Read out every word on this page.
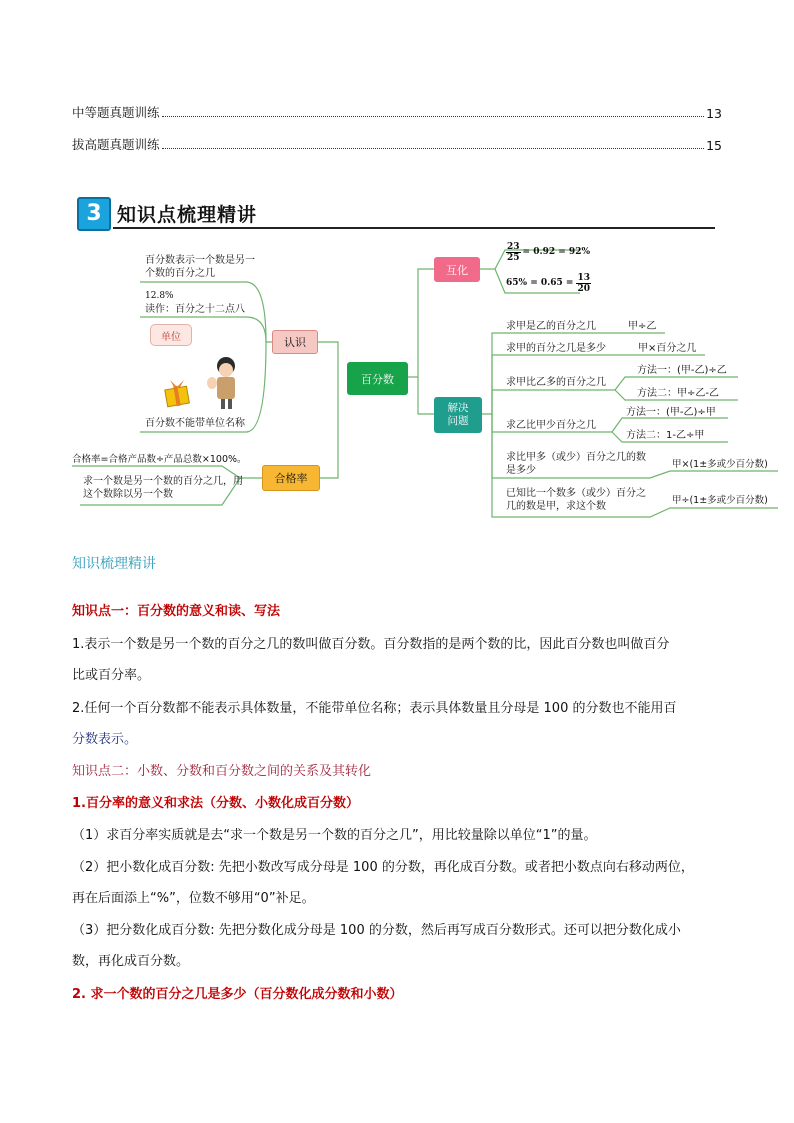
中等题真题训练	13
拔高题真题训练	15
3 知识点梳理精讲
百分数
认识
合格率
互化
解决问题
百分数表示一个数是另一个数的百分之几
12.8%
读作：百分之十二点八
单位
百分数不能带单位名称
合格率=合格产品数÷产品总数×100%。
求一个数是另一个数的百分之几，用这个数除以另一个数
$\frac{23}{25} = 0.92 = 92\%$
$65\% = 0.65 = \frac{13}{20}$
求甲是乙的百分之几	甲÷乙
求甲的百分之几是多少	甲×百分之几
求甲比乙多的百分之几
方法一：(甲-乙)÷乙
方法二：甲÷乙-乙
求乙比甲少百分之几
方法一：(甲-乙)÷甲
方法二：1-乙÷甲
求比甲多（或少）百分之几的数是多少
甲×(1±多或少百分数)
已知比一个数多（或少）百分之几的数是甲，求这个数
甲÷(1±多或少百分数)
知识梳理精讲
知识点一：百分数的意义和读、写法
1.表示一个数是另一个数的百分之几的数叫做百分数。百分数指的是两个数的比，因此百分数也叫做百分
比或百分率。
2.任何一个百分数都不能表示具体数量，不能带单位名称；表示具体数量且分母是 100 的分数也不能用百
分数表示。
知识点二：小数、分数和百分数之间的关系及其转化
1.百分率的意义和求法（分数、小数化成百分数）
（1）求百分率实质就是去“求一个数是另一个数的百分之几”，用比较量除以单位“1”的量。
（2）把小数化成百分数: 先把小数改写成分母是 100 的分数，再化成百分数。或者把小数点向右移动两位，
再在后面添上“%”，位数不够用“0”补足。
（3）把分数化成百分数: 先把分数化成分母是 100 的分数，然后再写成百分数形式。还可以把分数化成小
数，再化成百分数。
2. 求一个数的百分之几是多少（百分数化成分数和小数）
